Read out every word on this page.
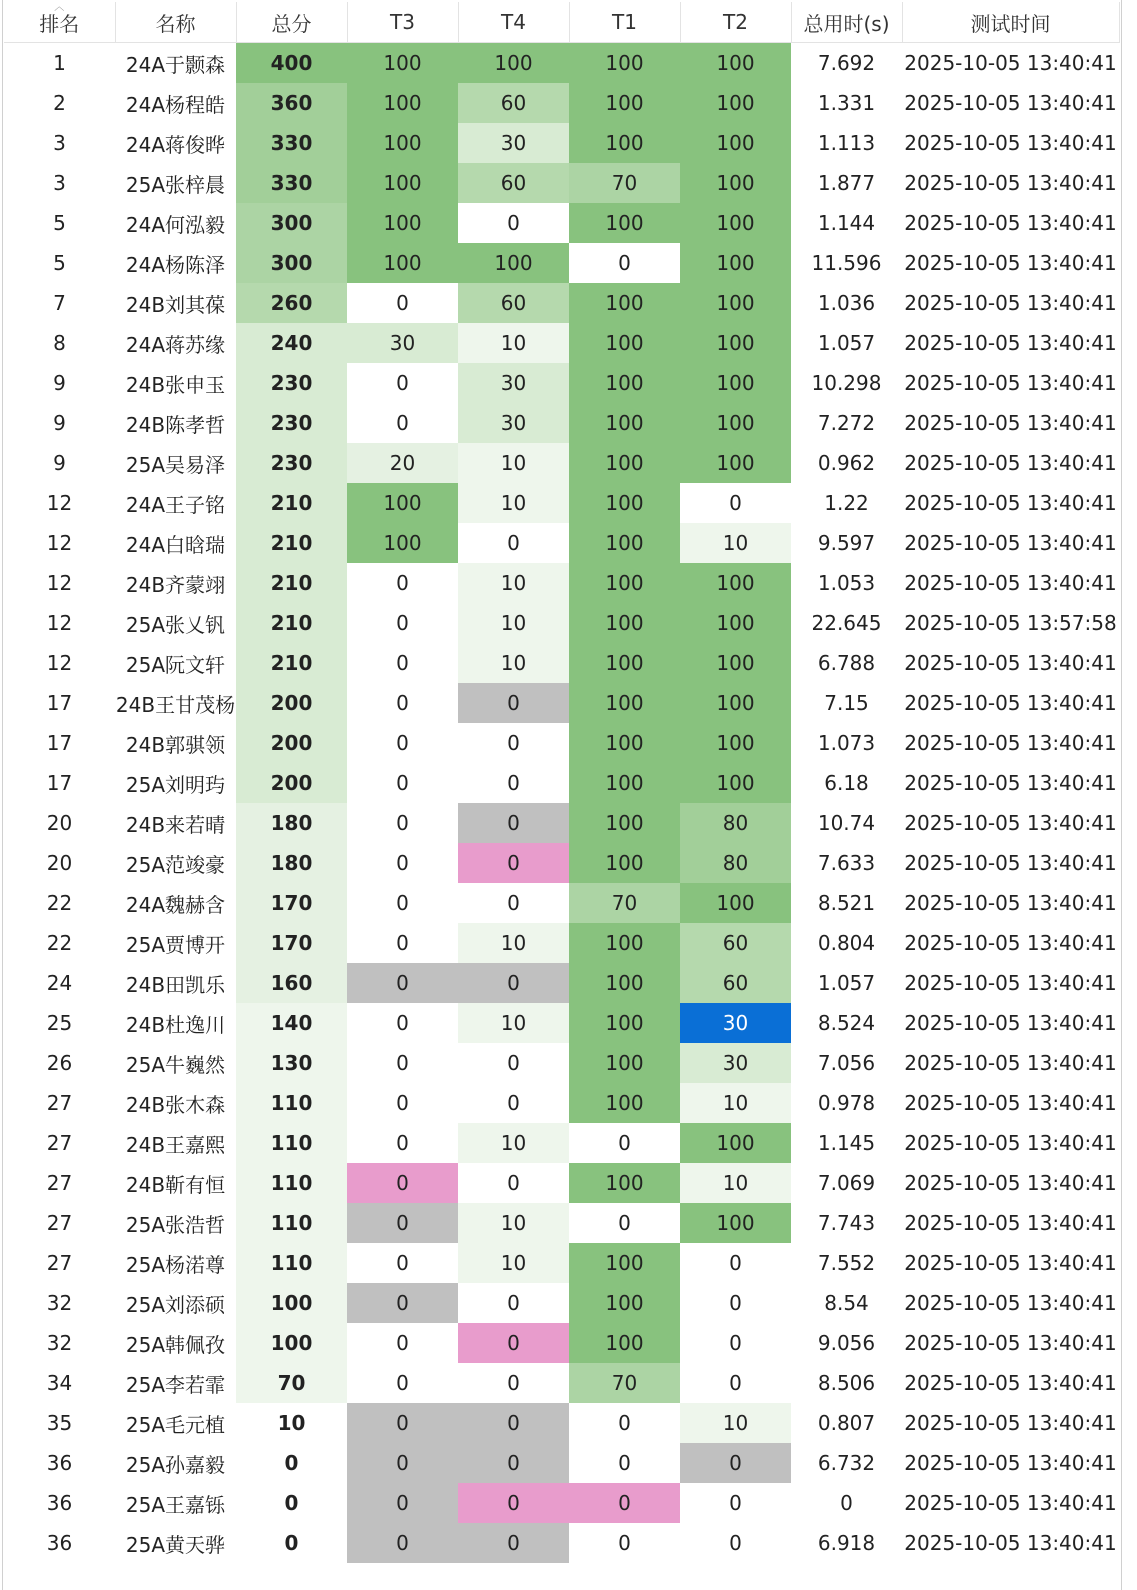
︿
排名	名称	总分	T3	T4	T1	T2	总用时(s)	测试时间
1	24A于颢森	400	100	100	100	100	7.692	2025-10-05 13:40:41
2	24A杨程皓	360	100	60	100	100	1.331	2025-10-05 13:40:41
3	24A蒋俊晔	330	100	30	100	100	1.113	2025-10-05 13:40:41
3	25A张梓晨	330	100	60	70	100	1.877	2025-10-05 13:40:41
5	24A何泓毅	300	100	0	100	100	1.144	2025-10-05 13:40:41
5	24A杨陈泽	300	100	100	0	100	11.596	2025-10-05 13:40:41
7	24B刘其葆	260	0	60	100	100	1.036	2025-10-05 13:40:41
8	24A蒋苏缘	240	30	10	100	100	1.057	2025-10-05 13:40:41
9	24B张申玉	230	0	30	100	100	10.298	2025-10-05 13:40:41
9	24B陈孝哲	230	0	30	100	100	7.272	2025-10-05 13:40:41
9	25A吴易泽	230	20	10	100	100	0.962	2025-10-05 13:40:41
12	24A王子铭	210	100	10	100	0	1.22	2025-10-05 13:40:41
12	24A白晗瑞	210	100	0	100	10	9.597	2025-10-05 13:40:41
12	24B齐蒙翊	210	0	10	100	100	1.053	2025-10-05 13:40:41
12	25A张乂钒	210	0	10	100	100	22.645	2025-10-05 13:57:58
12	25A阮文轩	210	0	10	100	100	6.788	2025-10-05 13:40:41
17	24B王甘茂杨	200	0	0	100	100	7.15	2025-10-05 13:40:41
17	24B郭骐领	200	0	0	100	100	1.073	2025-10-05 13:40:41
17	25A刘明玙	200	0	0	100	100	6.18	2025-10-05 13:40:41
20	24B来若晴	180	0	0	100	80	10.74	2025-10-05 13:40:41
20	25A范竣豪	180	0	0	100	80	7.633	2025-10-05 13:40:41
22	24A魏赫含	170	0	0	70	100	8.521	2025-10-05 13:40:41
22	25A贾博开	170	0	10	100	60	0.804	2025-10-05 13:40:41
24	24B田凯乐	160	0	0	100	60	1.057	2025-10-05 13:40:41
25	24B杜逸川	140	0	10	100	30	8.524	2025-10-05 13:40:41
26	25A牛巍然	130	0	0	100	30	7.056	2025-10-05 13:40:41
27	24B张木森	110	0	0	100	10	0.978	2025-10-05 13:40:41
27	24B王嘉熙	110	0	10	0	100	1.145	2025-10-05 13:40:41
27	24B靳有恒	110	0	0	100	10	7.069	2025-10-05 13:40:41
27	25A张浩哲	110	0	10	0	100	7.743	2025-10-05 13:40:41
27	25A杨渃尊	110	0	10	100	0	7.552	2025-10-05 13:40:41
32	25A刘添硕	100	0	0	100	0	8.54	2025-10-05 13:40:41
32	25A韩佩孜	100	0	0	100	0	9.056	2025-10-05 13:40:41
34	25A李若霏	70	0	0	70	0	8.506	2025-10-05 13:40:41
35	25A毛元植	10	0	0	0	10	0.807	2025-10-05 13:40:41
36	25A孙嘉毅	0	0	0	0	0	6.732	2025-10-05 13:40:41
36	25A王嘉铄	0	0	0	0	0	0	2025-10-05 13:40:41
36	25A黄天骅	0	0	0	0	0	6.918	2025-10-05 13:40:41
